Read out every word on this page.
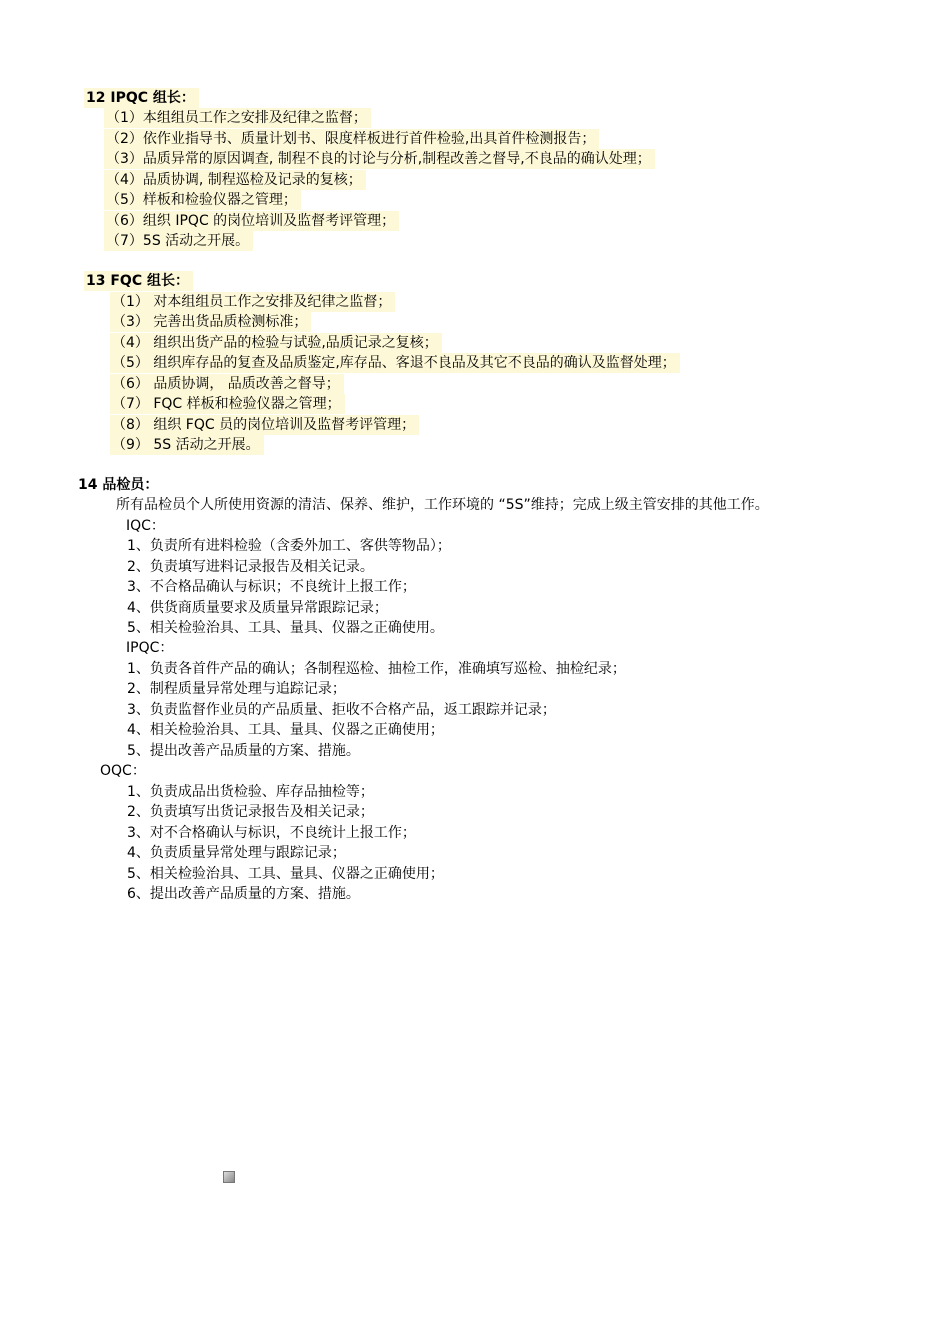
12 IPQC 组长：
（1）本组组员工作之安排及纪律之监督；
（2）依作业指导书、质量计划书、限度样板进行首件检验,出具首件检测报告；
（3）品质异常的原因调查, 制程不良的讨论与分析,制程改善之督导,不良品的确认处理；
（4）品质协调, 制程巡检及记录的复核；
（5）样板和检验仪器之管理；
（6）组织 IPQC 的岗位培训及监督考评管理；
（7）5S 活动之开展。
13 FQC 组长：
（1） 对本组组员工作之安排及纪律之监督；
（3） 完善出货品质检测标准；
（4） 组织出货产品的检验与试验,品质记录之复核；
（5） 组织库存品的复查及品质鉴定,库存品、客退不良品及其它不良品的确认及监督处理；
（6） 品质协调， 品质改善之督导；
（7） FQC 样板和检验仪器之管理；
（8） 组织 FQC 员的岗位培训及监督考评管理；
（9） 5S 活动之开展。
14 品检员：
所有品检员个人所使用资源的清洁、保养、维护，工作环境的 “5S”维持；完成上级主管安排的其他工作。
IQC：
1、负责所有进料检验（含委外加工、客供等物品）；
2、负责填写进料记录报告及相关记录。
3、不合格品确认与标识；不良统计上报工作；
4、供货商质量要求及质量异常跟踪记录；
5、相关检验治具、工具、量具、仪器之正确使用。
IPQC：
1、负责各首件产品的确认；各制程巡检、抽检工作，准确填写巡检、抽检纪录；
2、制程质量异常处理与追踪记录；
3、负责监督作业员的产品质量、拒收不合格产品，返工跟踪并记录；
4、相关检验治具、工具、量具、仪器之正确使用；
5、提出改善产品质量的方案、措施。
OQC：
1、负责成品出货检验、库存品抽检等；
2、负责填写出货记录报告及相关记录；
3、对不合格确认与标识，不良统计上报工作；
4、负责质量异常处理与跟踪记录；
5、相关检验治具、工具、量具、仪器之正确使用；
6、提出改善产品质量的方案、措施。
